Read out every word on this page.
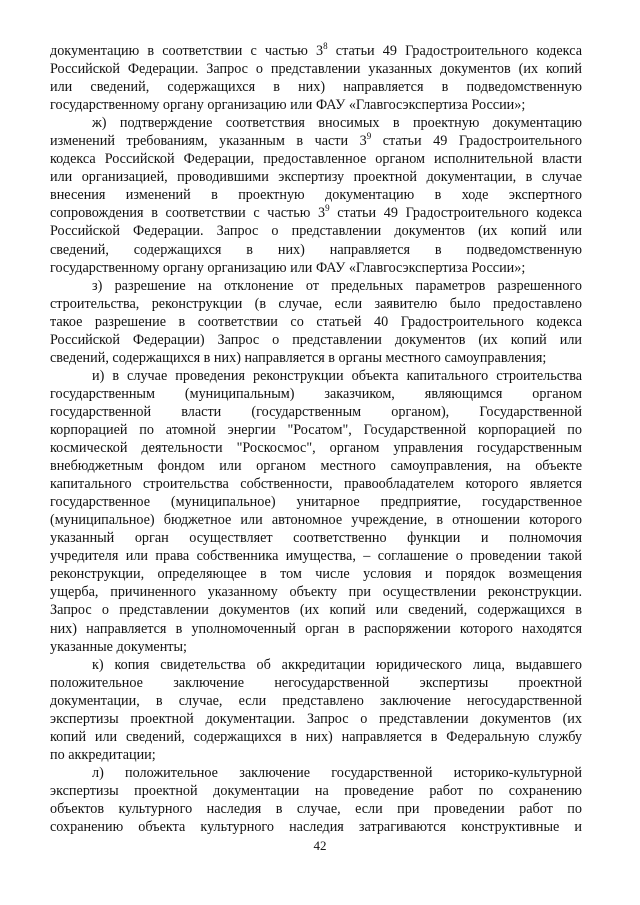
документацию в соответствии с частью $3^8$ статьи 49 Градостроительного кодекса
Российской Федерации. Запрос о представлении указанных документов (их копий
или сведений, содержащихся в них) направляется в подведомственную
государственному органу организацию или ФАУ «Главгосэкспертиза России»;
ж) подтверждение соответствия вносимых в проектную документацию
изменений требованиям, указанным в части $3^9$ статьи 49 Градостроительного
кодекса Российской Федерации, предоставленное органом исполнительной власти
или организацией, проводившими экспертизу проектной документации, в случае
внесения изменений в проектную документацию в ходе экспертного
сопровождения в соответствии с частью $3^9$ статьи 49 Градостроительного кодекса
Российской Федерации. Запрос о представлении документов (их копий или
сведений, содержащихся в них) направляется в подведомственную
государственному органу организацию или ФАУ «Главгосэкспертиза России»;
з) разрешение на отклонение от предельных параметров разрешенного
строительства, реконструкции (в случае, если заявителю было предоставлено
такое разрешение в соответствии со статьей 40 Градостроительного кодекса
Российской Федерации) Запрос о представлении документов (их копий или
сведений, содержащихся в них) направляется в органы местного самоуправления;
и) в случае проведения реконструкции объекта капитального строительства
государственным (муниципальным) заказчиком, являющимся органом
государственной власти (государственным органом), Государственной
корпорацией по атомной энергии "Росатом", Государственной корпорацией по
космической деятельности "Роскосмос", органом управления государственным
внебюджетным фондом или органом местного самоуправления, на объекте
капитального строительства собственности, правообладателем которого является
государственное (муниципальное) унитарное предприятие, государственное
(муниципальное) бюджетное или автономное учреждение, в отношении которого
указанный орган осуществляет соответственно функции и полномочия
учредителя или права собственника имущества, – соглашение о проведении такой
реконструкции, определяющее в том числе условия и порядок возмещения
ущерба, причиненного указанному объекту при осуществлении реконструкции.
Запрос о представлении документов (их копий или сведений, содержащихся в
них) направляется в уполномоченный орган в распоряжении которого находятся
указанные документы;
к) копия свидетельства об аккредитации юридического лица, выдавшего
положительное заключение негосударственной экспертизы проектной
документации, в случае, если представлено заключение негосударственной
экспертизы проектной документации. Запрос о представлении документов (их
копий или сведений, содержащихся в них) направляется в Федеральную службу
по аккредитации;
л) положительное заключение государственной историко-культурной
экспертизы проектной документации на проведение работ по сохранению
объектов культурного наследия в случае, если при проведении работ по
сохранению объекта культурного наследия затрагиваются конструктивные и
42
